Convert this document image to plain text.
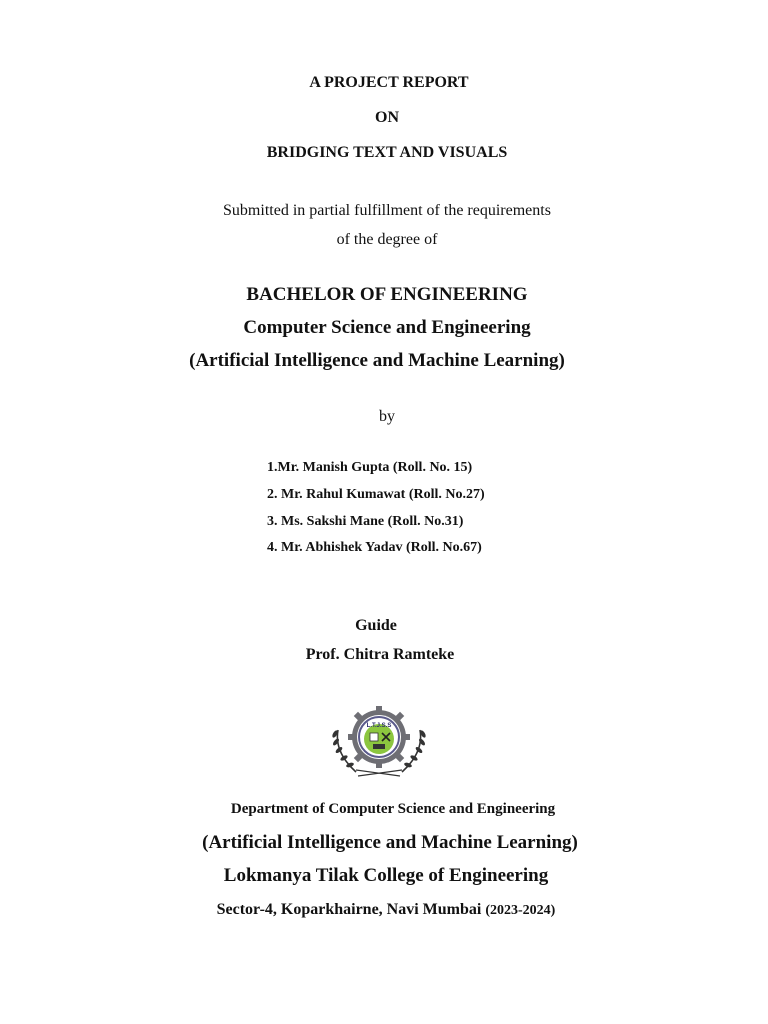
A PROJECT REPORT
ON
BRIDGING TEXT AND VISUALS
Submitted in partial fulfillment of the requirements
of the degree of
BACHELOR OF ENGINEERING
Computer Science and Engineering
(Artificial Intelligence and Machine Learning)
by
1.Mr. Manish Gupta (Roll. No. 15)
2. Mr. Rahul Kumawat (Roll. No.27)
3. Ms. Sakshi Mane (Roll. No.31)
4. Mr. Abhishek Yadav (Roll. No.67)
Guide
Prof. Chitra Ramteke
L.T.J.S.S
Department of Computer Science and Engineering
(Artificial Intelligence and Machine Learning)
Lokmanya Tilak College of Engineering
Sector-4, Koparkhairne, Navi Mumbai (2023-2024)
